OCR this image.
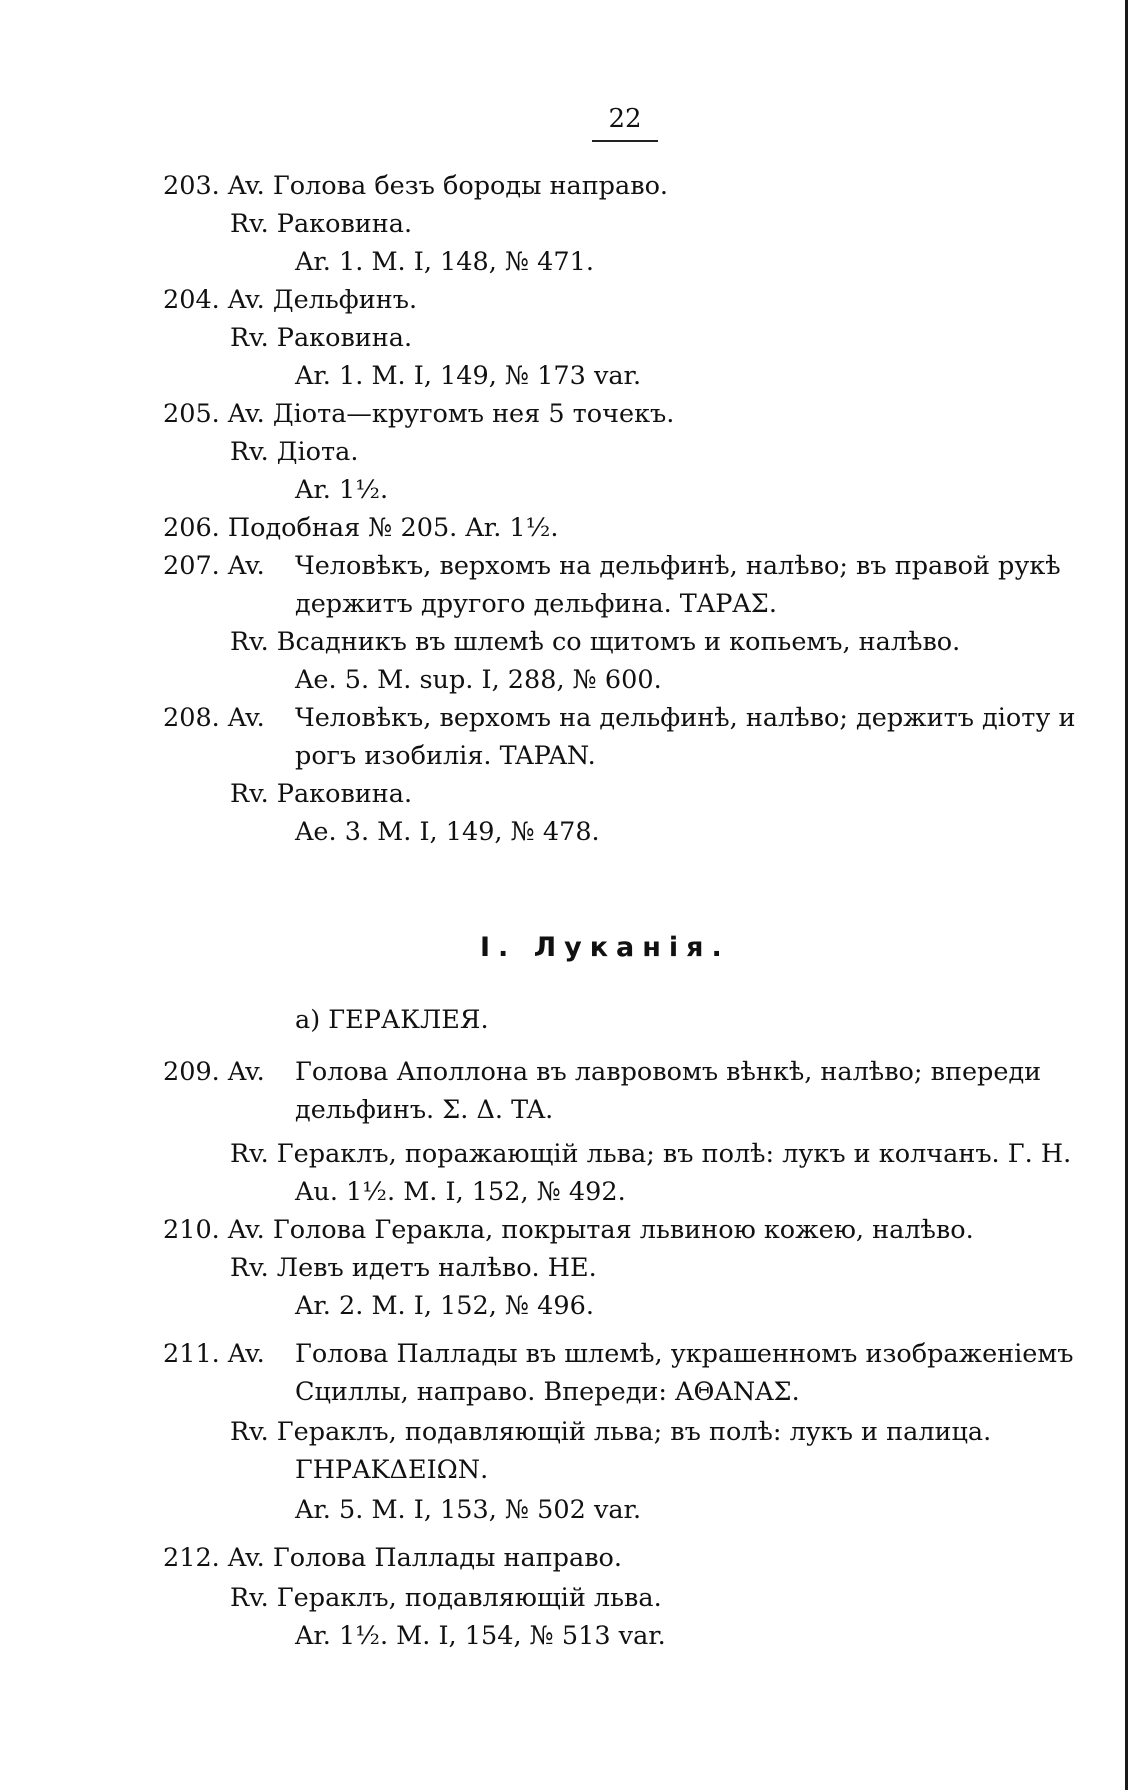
22
203. Av. Голова безъ бороды направо.
Rv. Раковина.
Ar. 1. M. I, 148, № 471.
204. Av. Дельфинъ.
Rv. Раковина.
Ar. 1. M. I, 149, № 173 var.
205. Av. Діота—кругомъ нея 5 точекъ.
Rv. Діота.
Ar. 1½.
206. Подобная № 205. Ar. 1½.
207. Av. Человѣкъ, верхомъ на дельфинѣ, налѣво; въ правой рукѣ
держитъ другого дельфина. ΤΑΡΑΣ.
Rv. Всадникъ въ шлемѣ со щитомъ и копьемъ, налѣво.
Ae. 5. M. sup. I, 288, № 600.
208. Av. Человѣкъ, верхомъ на дельфинѣ, налѣво; держитъ діоту и
рогъ изобилія. TAPAN.
Rv. Раковина.
Ae. 3. M. I, 149, № 478.
I. Луканія.
а) ГЕРАКЛЕЯ.
209. Av. Голова Аполлона въ лавровомъ вѣнкѣ, налѣво; впереди
дельфинъ. Σ. Δ. TA.
Rv. Гераклъ, поражающій льва; въ полѣ: лукъ и колчанъ. Г. Н.
Au. 1½. M. I, 152, № 492.
210. Av. Голова Геракла, покрытая львиною кожею, налѣво.
Rv. Левъ идетъ налѣво. НЕ.
Ar. 2. M. I, 152, № 496.
211. Av. Голова Паллады въ шлемѣ, украшенномъ изображеніемъ
Сциллы, направо. Впереди: ΑΘΑΝΑΣ.
Rv. Гераклъ, подавляющій льва; въ полѣ: лукъ и палица.
ΓΗΡΑΚΔΕΙΩΝ.
Ar. 5. M. I, 153, № 502 var.
212. Av. Голова Паллады направо.
Rv. Гераклъ, подавляющій льва.
Ar. 1½. M. I, 154, № 513 var.
